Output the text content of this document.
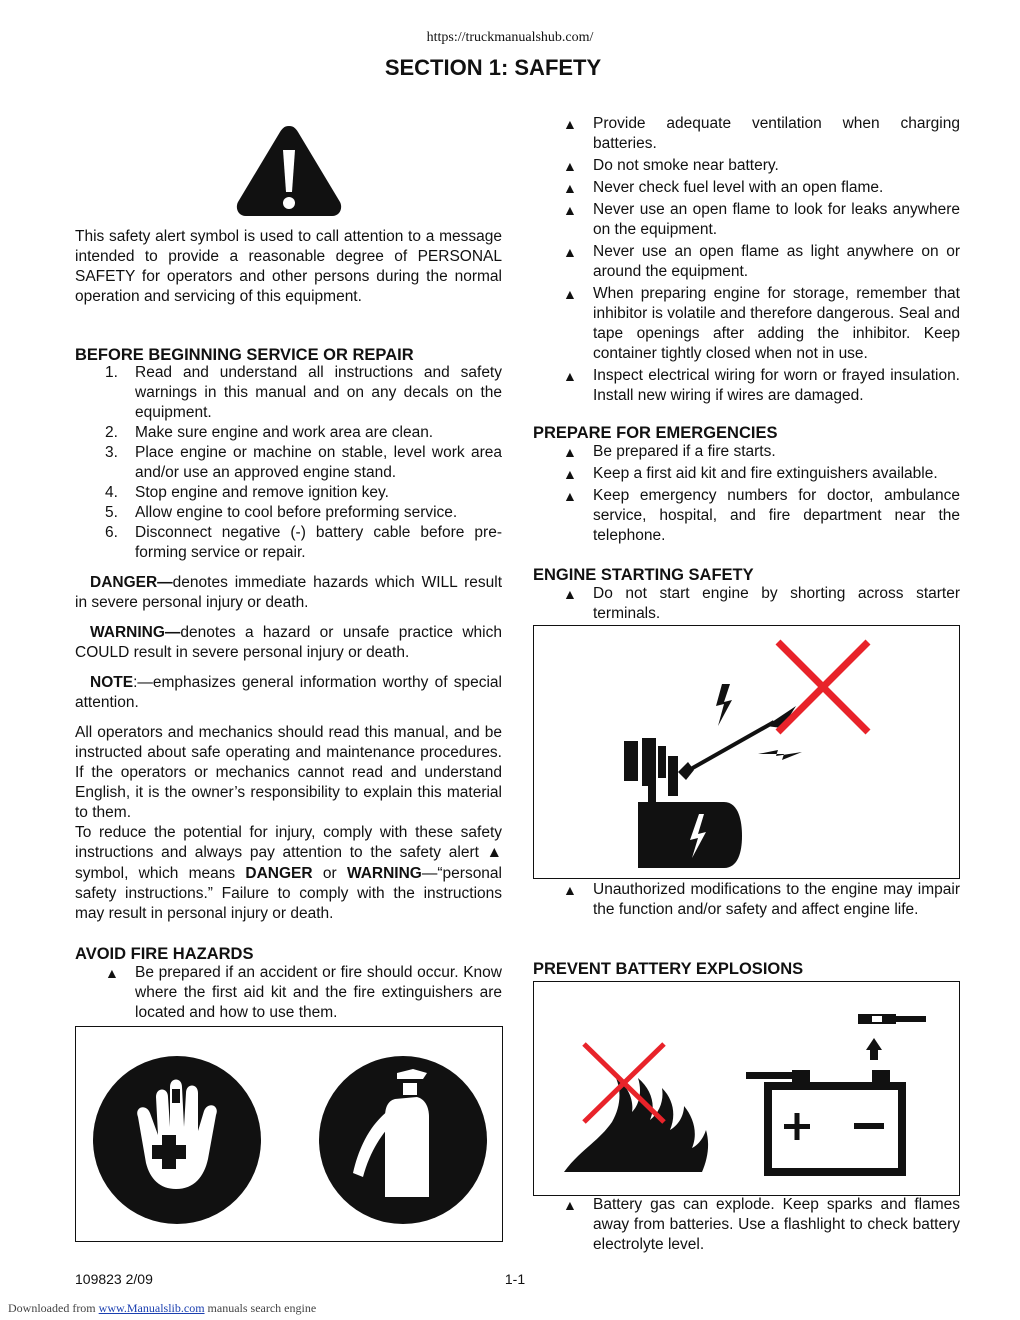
https://truckmanualshub.com/
SECTION 1: SAFETY

This safety alert symbol is used to call attention to a message intended to provide a reasonable degree of PERSONAL SAFETY for operators and other persons during the normal operation and servicing of this equipment.

BEFORE BEGINNING SERVICE OR REPAIR
1. Read and understand all instructions and safety warnings in this manual and on any decals on the equipment.
2. Make sure engine and work area are clean.
3. Place engine or machine on stable, level work area and/or use an approved engine stand.
4. Stop engine and remove ignition key.
5. Allow engine to cool before preforming service.
6. Disconnect negative (-) battery cable before pre-forming service or repair.

DANGER—denotes immediate hazards which WILL result in severe personal injury or death.

WARNING—denotes a hazard or unsafe practice which COULD result in severe personal injury or death.

NOTE:—emphasizes general information worthy of special attention.

All operators and mechanics should read this manual, and be instructed about safe operating and maintenance procedures. If the operators or mechanics cannot read and understand English, it is the owner’s responsibility to explain this material to them.

To reduce the potential for injury, comply with these safety instructions and always pay attention to the safety alert ▲ symbol, which means DANGER or WARNING—“personal safety instructions.” Failure to comply with the instructions may result in personal injury or death.

AVOID FIRE HAZARDS
▲ Be prepared if an accident or fire should occur. Know where the first aid kit and the fire extinguishers are located and how to use them.
▲ Provide adequate ventilation when charging batteries.
▲ Do not smoke near battery.
▲ Never check fuel level with an open flame.
▲ Never use an open flame to look for leaks anywhere on the equipment.
▲ Never use an open flame as light anywhere on or around the equipment.
▲ When preparing engine for storage, remember that inhibitor is volatile and therefore dangerous. Seal and tape openings after adding the inhibitor. Keep container tightly closed when not in use.
▲ Inspect electrical wiring for worn or frayed insulation. Install new wiring if wires are damaged.
PREPARE FOR EMERGENCIES
▲ Be prepared if a fire starts.
▲ Keep a first aid kit and fire extinguishers available.
▲ Keep emergency numbers for doctor, ambulance service, hospital, and fire department near the telephone.
ENGINE STARTING SAFETY
▲ Do not start engine by shorting across starter terminals.
▲ Unauthorized modifications to the engine may impair the function and/or safety and affect engine life.
PREVENT BATTERY EXPLOSIONS
▲ Battery gas can explode. Keep sparks and flames away from batteries. Use a flashlight to check battery electrolyte level.
109823 2/09	1-1
Downloaded from www.Manualslib.com manuals search engine
